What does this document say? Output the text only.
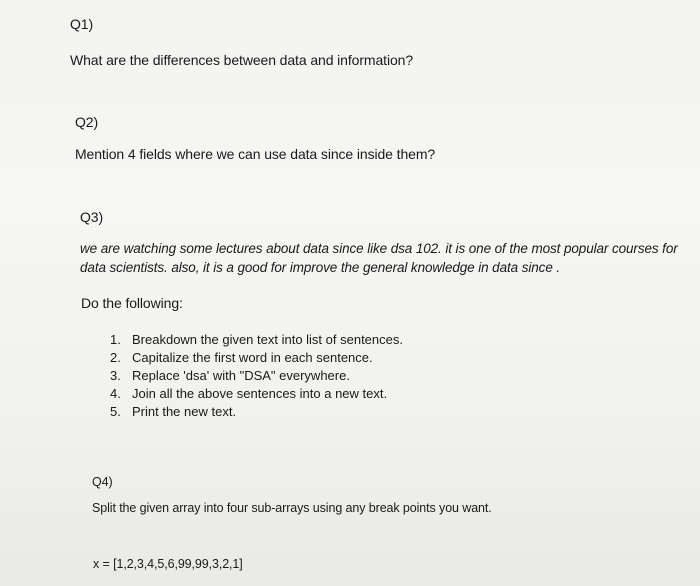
Q1)
What are the differences between data and information?
Q2)
Mention 4 fields where we can use data since inside them?
Q3)
we are watching some lectures about data since like dsa 102. it is one of the most popular courses for data scientists. also, it is a good for improve the general knowledge in data since .
Do the following:
1. Breakdown the given text into list of sentences.
2. Capitalize the first word in each sentence.
3. Replace 'dsa' with "DSA" everywhere.
4. Join all the above sentences into a new text.
5. Print the new text.
Q4)
Split the given array into four sub-arrays using any break points you want.
x = [1,2,3,4,5,6,99,99,3,2,1]
